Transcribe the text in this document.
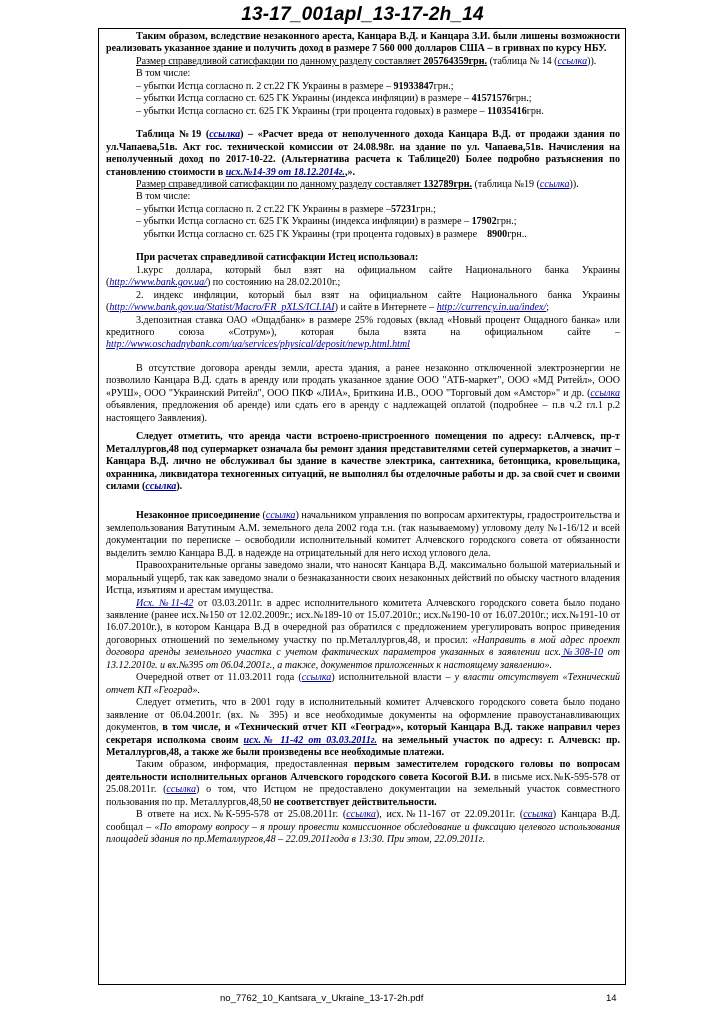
13-17_001apl_13-17-2h_14

Таким образом, вследствие незаконного ареста, Канцара В.Д. и Канцара З.И. были лишены возможности реализовать указанное здание и получить доход в размере 7 560 000 долларов США – в гривнах по курсу НБУ.

Размер справедливой сатисфакции по данному разделу составляет 205764359грн. (таблица № 14 (ссылка)).

В том числе:

– убытки Истца согласно п. 2 ст.22 ГК Украины в размере – 91933847грн.;

– убытки Истца согласно ст. 625 ГК Украины (индекса инфляции) в размере – 41571576грн.;

– убытки Истца согласно ст. 625 ГК Украины (три процента годовых) в размере – 11035416грн.

Таблица №19 (ссылка) – «Расчет вреда от неполученного дохода Канцара В.Д. от продажи здания по ул.Чапаева,51в. Акт гос. технической комиссии от 24.08.98г. на здание по ул. Чапаева,51в. Начисления на неполученный доход по 2017-10-22. (Альтернатива расчета к Таблице20) Более подробно разъяснения по становлению стоимости в исх.№14-39 от 18.12.2014г.,».

Размер справедливой сатисфакции по данному разделу составляет 132789грн. (таблица №19 (ссылка)).

В том числе:

– убытки Истца согласно п. 2 ст.22 ГК Украины в размере –57231грн.;

– убытки Истца согласно ст. 625 ГК Украины (индекса инфляции) в размере – 17902грн.;

убытки Истца согласно ст. 625 ГК Украины (три процента годовых) в размере    8900грн..

При расчетах справедливой сатисфакции Истец использовал:

1.курс доллара, который был взят на официальном сайте Национального банка Украины (http://www.bank.gov.ua/) по состоянию на 28.02.2010г.;

2. индекс инфляции, который был взят на официальном сайте Национального банка Украины (http://www.bank.gov.ua/Statist/Macro/FR_pXLS/ICI.IAI) и сайте в Интернете – http://currency.in.ua/index/;

3.депозитная ставка ОАО «Ощадбанк» в размере 25% годовых (вклад «Новый процент Ощадного банка» или кредитного союза «Сотрум»), которая была взята на официальном сайте – http://www.oschadnybank.com/ua/services/physical/deposit/newp.html.html

В отсутствие договора аренды земли, ареста здания, а ранее незаконно отключенной электроэнергии не позволило Канцара В.Д. сдать в аренду или продать указанное здание ООО "АТБ-маркет", ООО «МД Ритейл», ООО «РУШ», ООО "Украинский Ритейл", ООО ПКФ «ЛИА», Бриткина И.В., ООО "Торговый дом «Амстор»" и др. (ссылка объявления, предложения об аренде) или сдать его в аренду с надлежащей оплатой (подробнее – п.в ч.2 гл.1 р.2 настоящего Заявления).

Следует отметить, что аренда части встроено-пристроенного помещения по адресу: г.Алчевск, пр-т Металлургов,48 под супермаркет означала бы ремонт здания представителями сетей супермаркетов, а значит – Канцара В.Д. лично не обслуживал бы здание в качестве электрика, сантехника, бетонщика, кровельщика, охранника, ликвидатора техногенных ситуаций, не выполнял бы отделочные работы и др. за свой счет и своими силами (ссылка).

Незаконное присоединение (ссылка) начальником управления по вопросам архитектуры, градостроительства и землепользования Ватутиным А.М. земельного дела 2002 года т.н. (так называемому) угловому делу №1-16/12 и всей документации по переписке – освободили исполнительный комитет Алчевского городского совета от обязанности выделить землю Канцара В.Д. в надежде на отрицательный для него исход углового дела.

Правоохранительные органы заведомо знали, что наносят Канцара В.Д. максимально большой материальный и моральный ущерб, так как заведомо знали о безнаказанности своих незаконных действий по обыску частного владения Истца, изъятиям и арестам имущества.

Исх. №11-42 от 03.03.2011г. в адрес исполнительного комитета Алчевского городского совета было подано заявление (ранее исх.№150 от 12.02.2009г.; исх.№189-10 от 15.07.2010г.; исх.№190-10 от 16.07.2010г.; исх.№191-10 от 16.07.2010г.), в котором Канцара В.Д в очередной раз обратился с предложением урегулировать вопрос приведения договорных отношений по земельному участку по пр.Металлургов,48, и просил: «Направить в мой адрес проект договора аренды земельного участка с учетом фактических параметров указанных в заявлении исх.№308-10 от 13.12.2010г. и вх.№395 от 06.04.2001г., а также, документов приложенных к настоящему заявлению».

Очередной ответ от 11.03.2011 года (ссылка) исполнительной власти – у власти отсутствует «Технический отчет КП «Геоград».

Следует отметить, что в 2001 году в исполнительный комитет Алчевского городского совета было подано заявление от 06.04.2001г. (вх. № 395) и все необходимые документы на оформление правоустанавливающих документов, в том числе, и «Технический отчет КП «Геоград»», который Канцара В.Д. также направил через секретаря исполкома своим исх.№ 11-42 от 03.03.2011г. на земельный участок по адресу: г. Алчевск: пр. Металлургов,48, а также же были произведены все необходимые платежи.

Таким образом, информация, предоставленная первым заместителем городского головы по вопросам деятельности исполнительных органов Алчевского городского совета Косогой В.И. в письме исх.№К-595-578 от 25.08.2011г. (ссылка) о том, что Истцом не предоставлено документации на земельный участок совместного пользования по пр. Металлургов,48,50 не соответствует действительности.

В ответе на исх.№К-595-578 от 25.08.2011г. (ссылка), исх.№11-167 от 22.09.2011г. (ссылка) Канцара В.Д. сообщал – «По второму вопросу – я прошу провести комиссионное обследование и фиксацию целевого использования площадей здания по пр.Металлургов,48 – 22.09.2011года в 13:30. При этом, 22.09.2011г.

no_7762_10_Kantsara_v_Ukraine_13-17-2h.pdf	14
